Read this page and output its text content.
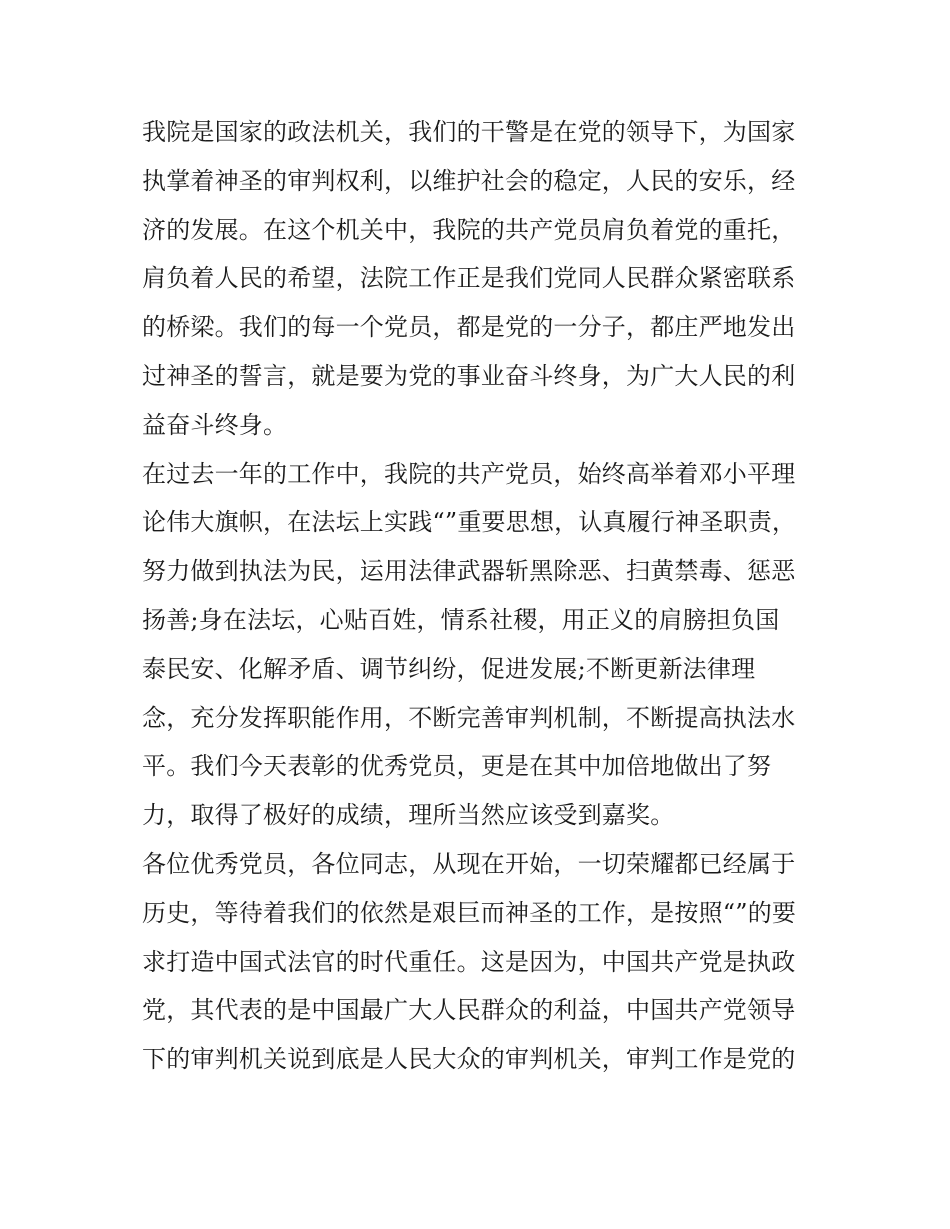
我院是国家的政法机关，我们的干警是在党的领导下，为国家
执掌着神圣的审判权利，以维护社会的稳定，人民的安乐，经
济的发展。在这个机关中，我院的共产党员肩负着党的重托，
肩负着人民的希望，法院工作正是我们党同人民群众紧密联系
的桥梁。我们的每一个党员，都是党的一分子，都庄严地发出
过神圣的誓言，就是要为党的事业奋斗终身，为广大人民的利
益奋斗终身。
在过去一年的工作中，我院的共产党员，始终高举着邓小平理
论伟大旗帜，在法坛上实践“”重要思想，认真履行神圣职责，
努力做到执法为民，运用法律武器斩黑除恶、扫黄禁毒、惩恶
扬善;身在法坛，心贴百姓，情系社稷，用正义的肩膀担负国
泰民安、化解矛盾、调节纠纷，促进发展;不断更新法律理
念，充分发挥职能作用，不断完善审判机制，不断提高执法水
平。我们今天表彰的优秀党员，更是在其中加倍地做出了努
力，取得了极好的成绩，理所当然应该受到嘉奖。
各位优秀党员，各位同志，从现在开始，一切荣耀都已经属于
历史，等待着我们的依然是艰巨而神圣的工作，是按照“”的要
求打造中国式法官的时代重任。这是因为，中国共产党是执政
党，其代表的是中国最广大人民群众的利益，中国共产党领导
下的审判机关说到底是人民大众的审判机关，审判工作是党的
